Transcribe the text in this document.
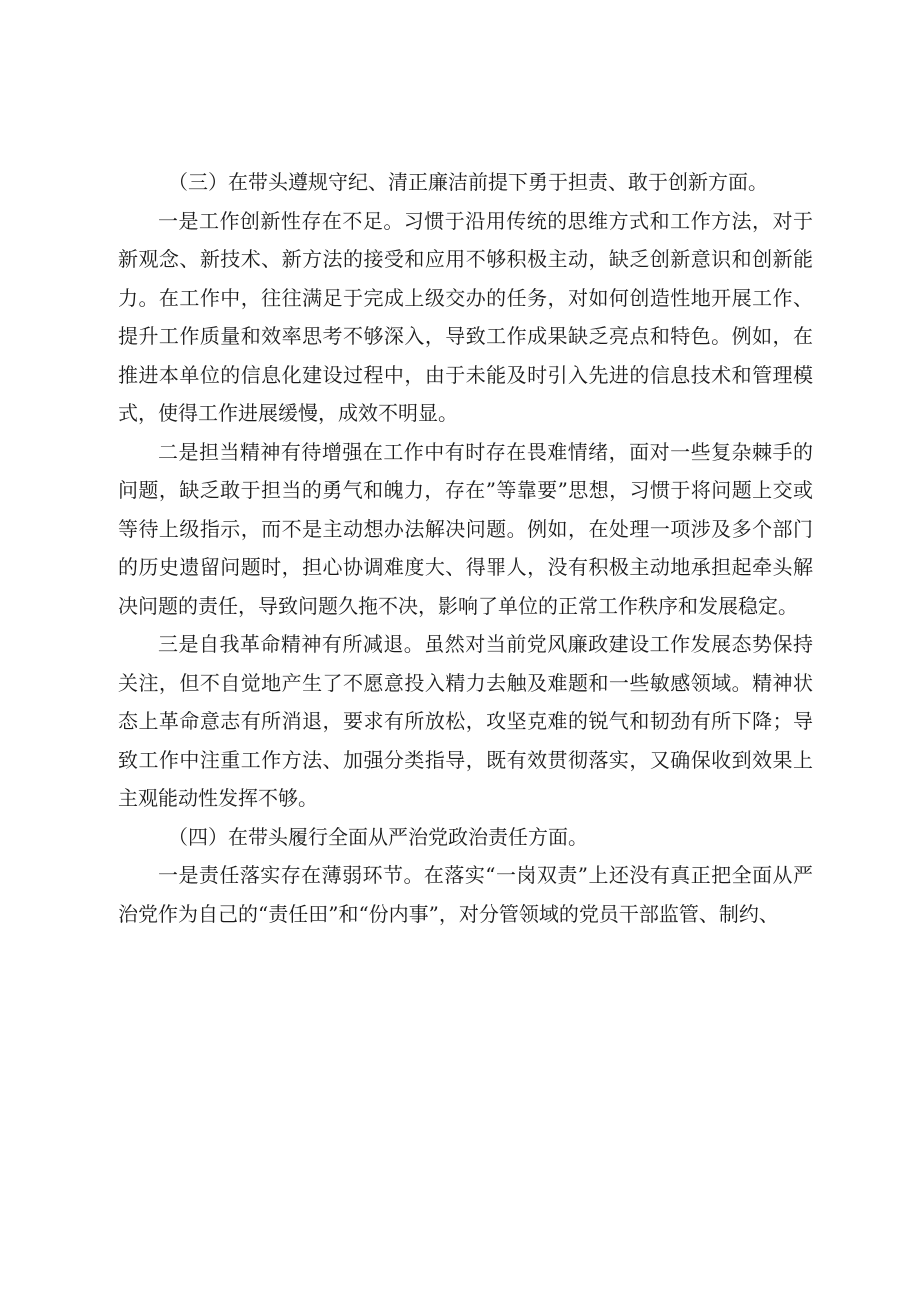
（三）在带头遵规守纪、清正廉洁前提下勇于担责、敢于创新方面。

一是工作创新性存在不足。习惯于沿用传统的思维方式和工作方法，对于新观念、新技术、新方法的接受和应用不够积极主动，缺乏创新意识和创新能力。在工作中，往往满足于完成上级交办的任务，对如何创造性地开展工作、提升工作质量和效率思考不够深入，导致工作成果缺乏亮点和特色。例如，在推进本单位的信息化建设过程中，由于未能及时引入先进的信息技术和管理模式，使得工作进展缓慢，成效不明显。

二是担当精神有待增强在工作中有时存在畏难情绪，面对一些复杂棘手的问题，缺乏敢于担当的勇气和魄力，存在”等靠要”思想，习惯于将问题上交或等待上级指示，而不是主动想办法解决问题。例如，在处理一项涉及多个部门的历史遗留问题时，担心协调难度大、得罪人，没有积极主动地承担起牵头解决问题的责任，导致问题久拖不决，影响了单位的正常工作秩序和发展稳定。

三是自我革命精神有所减退。虽然对当前党风廉政建设工作发展态势保持关注，但不自觉地产生了不愿意投入精力去触及难题和一些敏感领域。精神状态上革命意志有所消退，要求有所放松，攻坚克难的锐气和韧劲有所下降；导致工作中注重工作方法、加强分类指导，既有效贯彻落实，又确保收到效果上主观能动性发挥不够。

（四）在带头履行全面从严治党政治责任方面。

一是责任落实存在薄弱环节。在落实“一岗双责”上还没有真正把全面从严治党作为自己的“责任田”和“份内事”，对分管领域的党员干部监管、制约、
